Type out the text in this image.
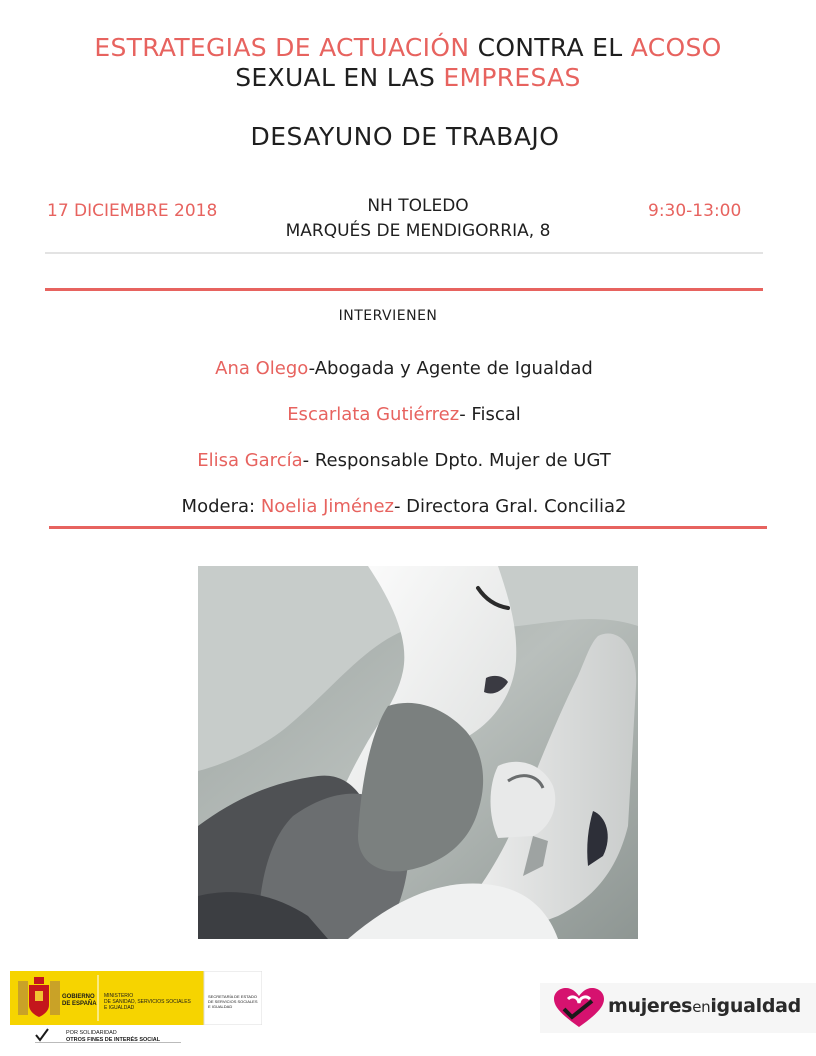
ESTRATEGIAS DE ACTUACIÓN CONTRA EL ACOSO
SEXUAL EN LAS EMPRESAS
DESAYUNO DE TRABAJO
17 DICIEMBRE 2018	NH TOLEDO
MARQUÉS DE MENDIGORRIA, 8
9:30-13:00
INTERVIENEN
Ana Olego-Abogada y Agente de Igualdad
Escarlata Gutiérrez- Fiscal
Elisa García- Responsable Dpto. Mujer de UGT
Modera: Noelia Jiménez- Directora Gral. Concilia2
GOBIERNO
DE ESPAÑA
MINISTERIO
DE SANIDAD, SERVICIOS SOCIALES
E IGUALDAD
SECRETARÍA DE ESTADO
DE SERVICIOS SOCIALES
E IGUALDAD
POR SOLIDARIDAD
OTROS FINES DE INTERÉS SOCIAL
mujeresenigualdad
